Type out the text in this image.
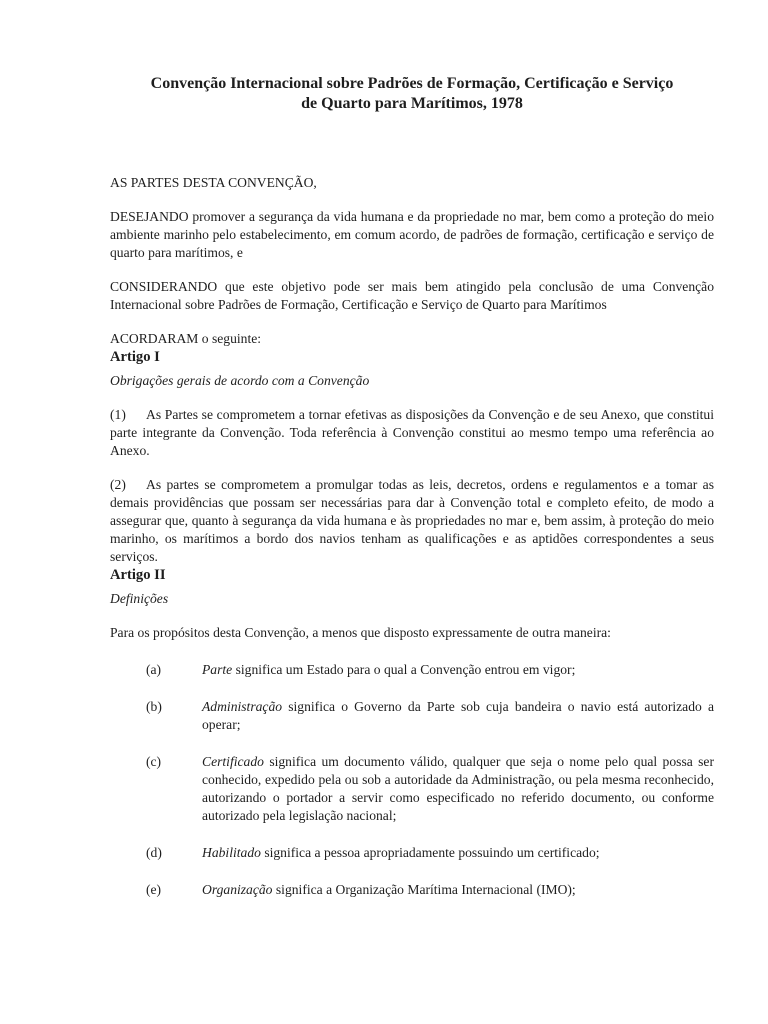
Convenção Internacional sobre Padrões de Formação, Certificação e Serviço
de Quarto para Marítimos, 1978

AS PARTES DESTA CONVENÇÃO,

DESEJANDO promover a segurança da vida humana e da propriedade no mar, bem como a proteção do meio ambiente marinho pelo estabelecimento, em comum acordo, de padrões de formação, certificação e serviço de quarto para marítimos, e

CONSIDERANDO que este objetivo pode ser mais bem atingido pela conclusão de uma Convenção Internacional sobre Padrões de Formação, Certificação e Serviço de Quarto para Marítimos

ACORDARAM o seguinte:

Artigo I

Obrigações gerais de acordo com a Convenção

(1) As Partes se comprometem a tornar efetivas as disposições da Convenção e de seu Anexo, que constitui parte integrante da Convenção. Toda referência à Convenção constitui ao mesmo tempo uma referência ao Anexo.

(2) As partes se comprometem a promulgar todas as leis, decretos, ordens e regulamentos e a tomar as demais providências que possam ser necessárias para dar à Convenção total e completo efeito, de modo a assegurar que, quanto à segurança da vida humana e às propriedades no mar e, bem assim, à proteção do meio marinho, os marítimos a bordo dos navios tenham as qualificações e as aptidões correspondentes a seus serviços.

Artigo II

Definições

Para os propósitos desta Convenção, a menos que disposto expressamente de outra maneira:

(a)	Parte significa um Estado para o qual a Convenção entrou em vigor;
(b)	Administração significa o Governo da Parte sob cuja bandeira o navio está autorizado a operar;
(c)	Certificado significa um documento válido, qualquer que seja o nome pelo qual possa ser conhecido, expedido pela ou sob a autoridade da Administração, ou pela mesma reconhecido, autorizando o portador a servir como especificado no referido documento, ou conforme autorizado pela legislação nacional;
(d)	Habilitado significa a pessoa apropriadamente possuindo um certificado;
(e)	Organização significa a Organização Marítima Internacional (IMO);
